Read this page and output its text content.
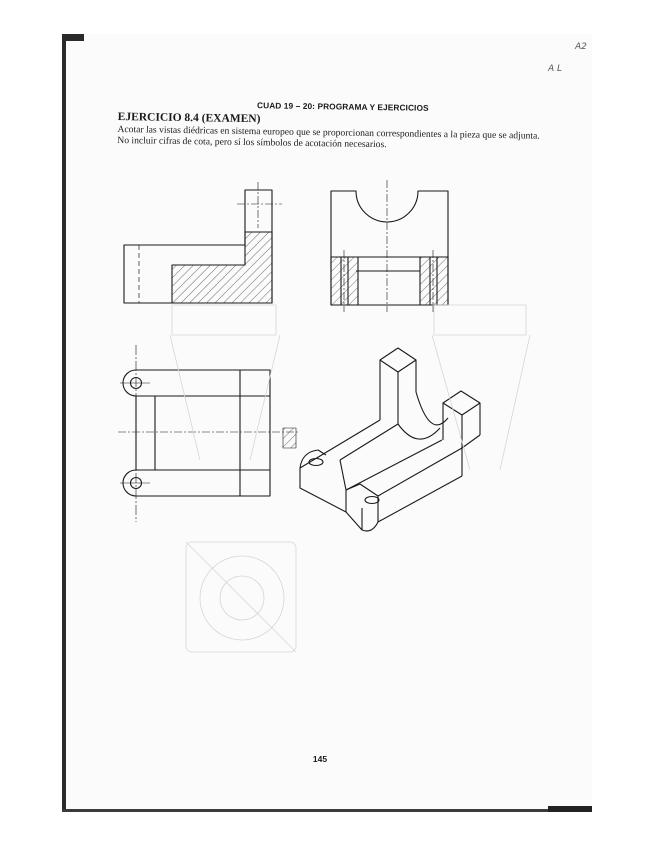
A2
A L
CUAD 19 – 20: PROGRAMA Y EJERCICIOS
EJERCICIO 8.4 (EXAMEN)
Acotar las vistas diédricas en sistema europeo que se proporcionan correspondientes a la pieza que se adjunta. No incluir cifras de cota, pero sí los símbolos de acotación necesarios.
145
